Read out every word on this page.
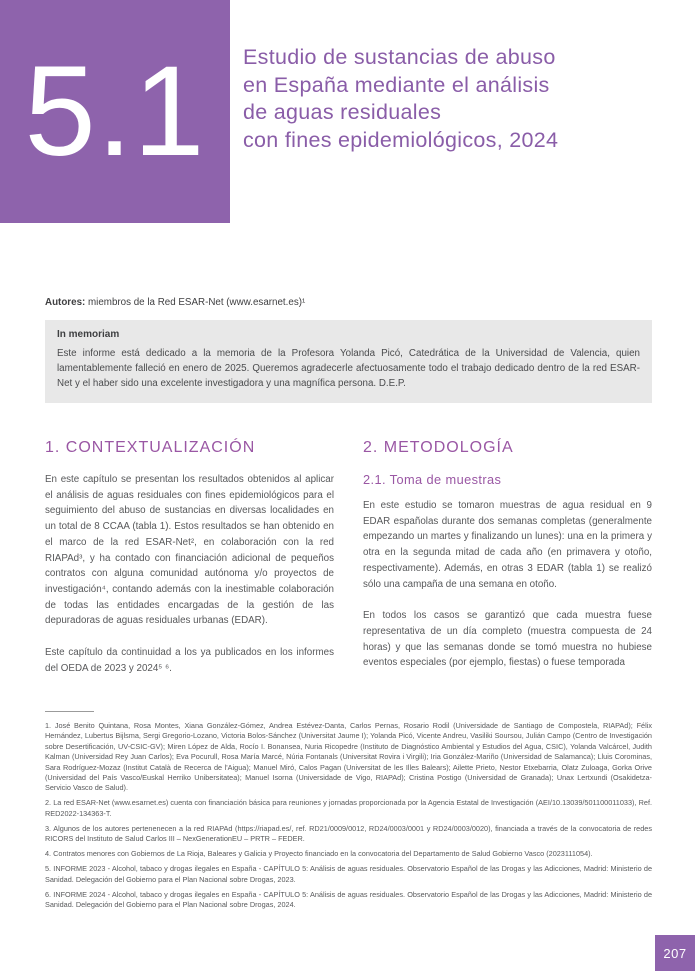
5.1 Estudio de sustancias de abuso
en España mediante el análisis
de aguas residuales
con fines epidemiológicos, 2024
Autores: miembros de la Red ESAR-Net (www.esarnet.es)¹

In memoriam

Este informe está dedicado a la memoria de la Profesora Yolanda Picó, Catedrática de la Universidad de Valencia, quien lamentablemente falleció en enero de 2025. Queremos agradecerle afectuosamente todo el trabajo dedicado dentro de la red ESAR-Net y el haber sido una excelente investigadora y una magnífica persona. D.E.P.

1. CONTEXTUALIZACIÓN

En este capítulo se presentan los resultados obtenidos al aplicar el análisis de aguas residuales con fines epidemiológicos para el seguimiento del abuso de sustancias en diversas localidades en un total de 8 CCAA (tabla 1). Estos resultados se han obtenido en el marco de la red ESAR-Net², en colaboración con la red RIAPAd³, y ha contado con financiación adicional de pequeños contratos con alguna comunidad autónoma y/o proyectos de investigación⁴, contando además con la inestimable colaboración de todas las entidades encargadas de la gestión de las depuradoras de aguas residuales urbanas (EDAR).

Este capítulo da continuidad a los ya publicados en los informes del OEDA de 2023 y 2024⁵ ⁶.

2. METODOLOGÍA
2.1. Toma de muestras

En este estudio se tomaron muestras de agua residual en 9 EDAR españolas durante dos semanas completas (generalmente empezando un martes y finalizando un lunes): una en la primera y otra en la segunda mitad de cada año (en primavera y otoño, respectivamente). Además, en otras 3 EDAR (tabla 1) se realizó sólo una campaña de una semana en otoño.

En todos los casos se garantizó que cada muestra fuese representativa de un día completo (muestra compuesta de 24 horas) y que las semanas donde se tomó muestra no hubiese eventos especiales (por ejemplo, fiestas) o fuese temporada

1. José Benito Quintana, Rosa Montes, Xiana González-Gómez, Andrea Estévez-Danta, Carlos Pernas, Rosario Rodil (Universidade de Santiago de Compostela, RIAPAd); Félix Hernández, Lubertus Bijlsma, Sergi Gregorio-Lozano, Victoria Bolos-Sánchez (Universitat Jaume I); Yolanda Picó, Vicente Andreu, Vasiliki Soursou, Julián Campo (Centro de Investigación sobre Desertificación, UV-CSIC-GV); Miren López de Alda, Rocío I. Bonansea, Nuria Ricopedre (Instituto de Diagnóstico Ambiental y Estudios del Agua, CSIC), Yolanda Valcárcel, Judith Kalman (Universidad Rey Juan Carlos); Eva Pocurull, Rosa María Marcé, Núria Fontanals (Universitat Rovira i Virgili); Iria González-Mariño (Universidad de Salamanca); Lluis Corominas, Sara Rodríguez-Mozaz (Institut Català de Recerca de l'Aigua); Manuel Miró, Calos Pagan (Universitat de les Illes Balears); Ailette Prieto, Nestor Etxebarria, Olatz Zuloaga, Gorka Orive (Universidad del País Vasco/Euskal Herriko Unibersitatea); Manuel Isorna (Universidade de Vigo, RIAPAd); Cristina Postigo (Universidad de Granada); Unax Lertxundi (Osakidetza-Servicio Vasco de Salud).

2. La red ESAR-Net (www.esarnet.es) cuenta con financiación básica para reuniones y jornadas proporcionada por la Agencia Estatal de Investigación (AEI/10.13039/501100011033), Ref. RED2022-134363-T.

3. Algunos de los autores pertenenecen a la red RIAPAd (https://riapad.es/, ref. RD21/0009/0012, RD24/0003/0001 y RD24/0003/0020), financiada a través de la convocatoria de redes RICORS del Instituto de Salud Carlos III – NexGenerationEU – PRTR – FEDER.

4. Contratos menores con Gobiernos de La Rioja, Baleares y Galicia y Proyecto financiado en la convocatoria del Departamento de Salud Gobierno Vasco (2023111054).

5. INFORME 2023 - Alcohol, tabaco y drogas ilegales en España - CAPÍTULO 5: Análisis de aguas residuales. Observatorio Español de las Drogas y las Adicciones, Madrid: Ministerio de Sanidad. Delegación del Gobierno para el Plan Nacional sobre Drogas, 2023.

6. INFORME 2024 - Alcohol, tabaco y drogas ilegales en España - CAPÍTULO 5: Análisis de aguas residuales. Observatorio Español de las Drogas y las Adicciones, Madrid: Ministerio de Sanidad. Delegación del Gobierno para el Plan Nacional sobre Drogas, 2024.

207
